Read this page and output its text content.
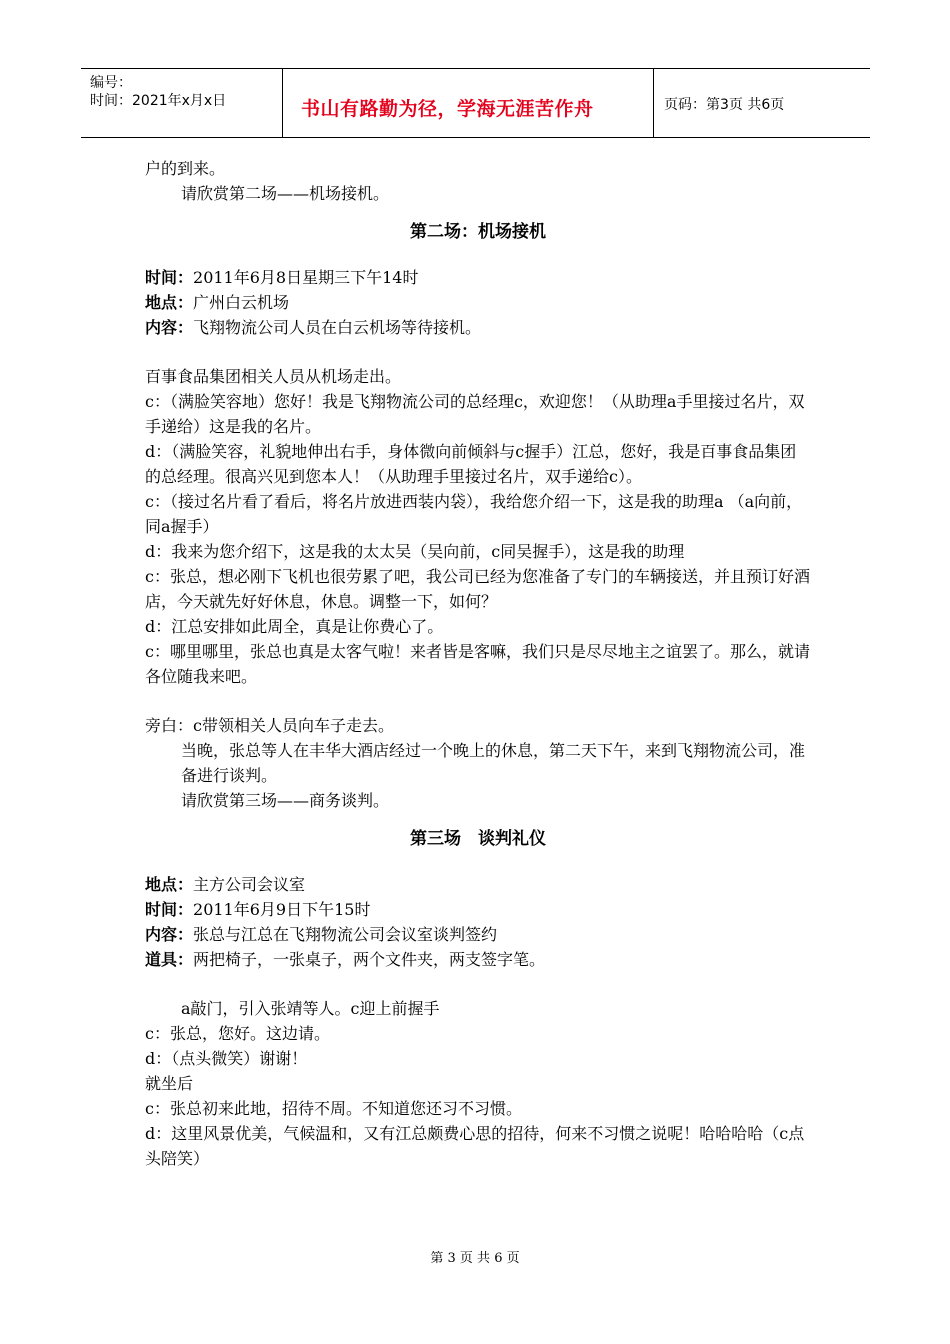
编号：
时间：2021年x月x日	书山有路勤为径，学海无涯苦作舟	页码：第3页 共6页

户的到来。

请欣赏第二场——机场接机。

第二场：机场接机

时间：2011年6月8日星期三下午14时

地点：广州白云机场

内容：飞翔物流公司人员在白云机场等待接机。

百事食品集团相关人员从机场走出。

c：（满脸笑容地）您好！我是飞翔物流公司的总经理c，欢迎您！（从助理a手里接过名片，双手递给）这是我的名片。

d：（满脸笑容，礼貌地伸出右手，身体微向前倾斜与c握手）江总，您好，我是百事食品集团的总经理。很高兴见到您本人！（从助理手里接过名片，双手递给c）。

c：（接过名片看了看后，将名片放进西装内袋），我给您介绍一下，这是我的助理a （a向前，同a握手）

d：我来为您介绍下，这是我的太太吴（吴向前，c同吴握手），这是我的助理

c：张总，想必刚下飞机也很劳累了吧，我公司已经为您准备了专门的车辆接送，并且预订好酒店，今天就先好好休息，休息。调整一下，如何？

d：江总安排如此周全，真是让你费心了。

c：哪里哪里，张总也真是太客气啦！来者皆是客嘛，我们只是尽尽地主之谊罢了。那么，就请各位随我来吧。

旁白：c带领相关人员向车子走去。

当晚，张总等人在丰华大酒店经过一个晚上的休息，第二天下午，来到飞翔物流公司，准备进行谈判。

请欣赏第三场——商务谈判。

第三场　谈判礼仪

地点：主方公司会议室

时间：2011年6月9日下午15时

内容：张总与江总在飞翔物流公司会议室谈判签约

道具：两把椅子，一张桌子，两个文件夹，两支签字笔。

a敲门，引入张靖等人。c迎上前握手

c：张总，您好。这边请。

d：（点头微笑）谢谢！

就坐后

c：张总初来此地，招待不周。不知道您还习不习惯。

d：这里风景优美，气候温和，又有江总颇费心思的招待，何来不习惯之说呢！哈哈哈哈（c点头陪笑）

第 3 页 共 6 页
